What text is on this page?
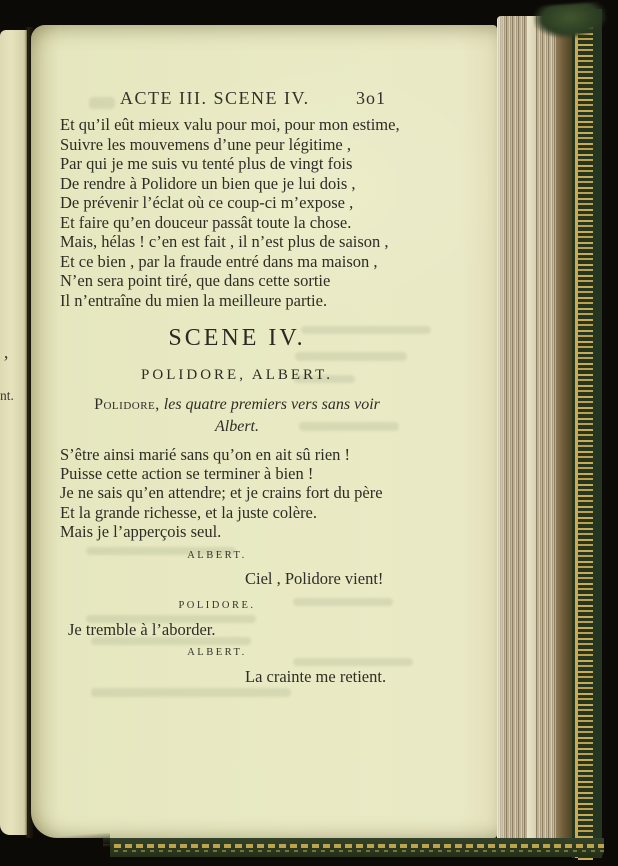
’
nt.
ACTE III. SCENE IV.	3o1
Et qu’il eût mieux valu pour moi, pour mon estime,
Suivre les mouvemens d’une peur légitime ,
Par qui je me suis vu tenté plus de vingt fois
De rendre à Polidore un bien que je lui dois ,
De prévenir l’éclat où ce coup-ci m’expose ,
Et faire qu’en douceur passât toute la chose.
Mais, hélas ! c’en est fait , il n’est plus de saison ,
Et ce bien , par la fraude entré dans ma maison ,
N’en sera point tiré, que dans cette sortie
Il n’entraîne du mien la meilleure partie.
SCENE IV.
POLIDORE, ALBERT.
Polidore, les quatre premiers vers sans voir
Albert.
S’être ainsi marié sans qu’on en ait sû rien !
Puisse cette action se terminer à bien !
Je ne sais qu’en attendre; et je crains fort du père
Et la grande richesse, et la juste colère.
Mais je l’apperçois seul.
ALBERT.
Ciel , Polidore vient!
POLIDORE.
Je tremble à l’aborder.
ALBERT.
La crainte me retient.
